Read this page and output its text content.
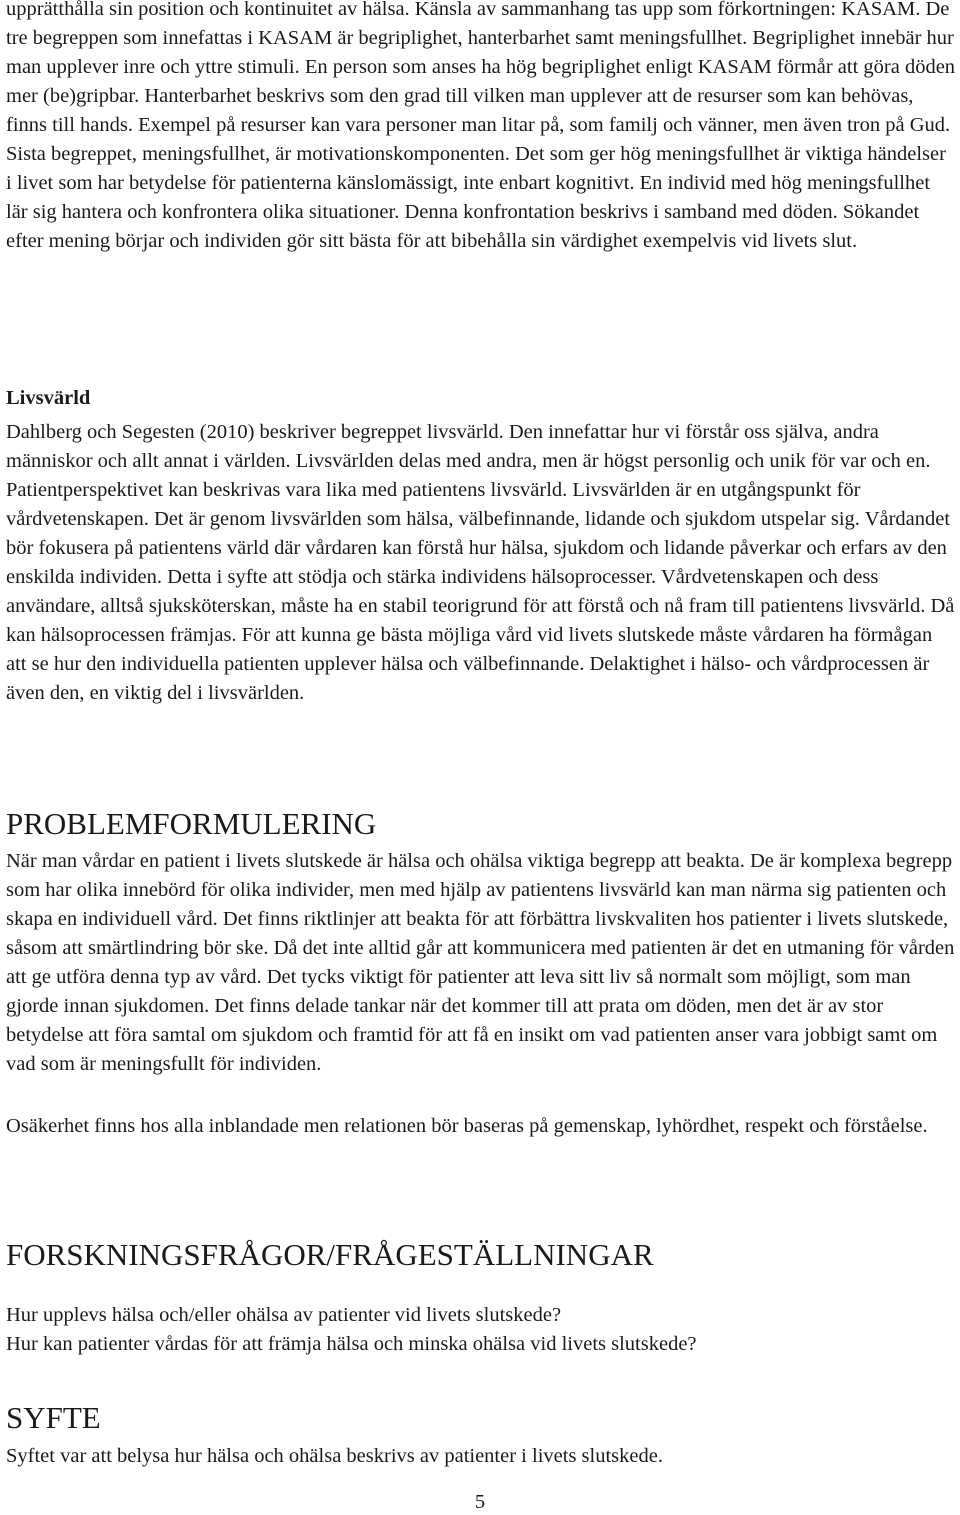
upprätthålla sin position och kontinuitet av hälsa. Känsla av sammanhang tas upp som förkortningen: KASAM. De tre begreppen som innefattas i KASAM är begriplighet, hanterbarhet samt meningsfullhet. Begriplighet innebär hur man upplever inre och yttre stimuli. En person som anses ha hög begriplighet enligt KASAM förmår att göra döden mer (be)gripbar. Hanterbarhet beskrivs som den grad till vilken man upplever att de resurser som kan behövas, finns till hands. Exempel på resurser kan vara personer man litar på, som familj och vänner, men även tron på Gud. Sista begreppet, meningsfullhet, är motivationskomponenten. Det som ger hög meningsfullhet är viktiga händelser i livet som har betydelse för patienterna känslomässigt, inte enbart kognitivt. En individ med hög meningsfullhet lär sig hantera och konfrontera olika situationer. Denna konfrontation beskrivs i samband med döden. Sökandet efter mening börjar och individen gör sitt bästa för att bibehålla sin värdighet exempelvis vid livets slut.

Livsvärld

Dahlberg och Segesten (2010) beskriver begreppet livsvärld. Den innefattar hur vi förstår oss själva, andra människor och allt annat i världen. Livsvärlden delas med andra, men är högst personlig och unik för var och en. Patientperspektivet kan beskrivas vara lika med patientens livsvärld. Livsvärlden är en utgångspunkt för vårdvetenskapen. Det är genom livsvärlden som hälsa, välbefinnande, lidande och sjukdom utspelar sig. Vårdandet bör fokusera på patientens värld där vårdaren kan förstå hur hälsa, sjukdom och lidande påverkar och erfars av den enskilda individen. Detta i syfte att stödja och stärka individens hälsoprocesser. Vårdvetenskapen och dess användare, alltså sjuksköterskan, måste ha en stabil teorigrund för att förstå och nå fram till patientens livsvärld. Då kan hälsoprocessen främjas. För att kunna ge bästa möjliga vård vid livets slutskede måste vårdaren ha förmågan att se hur den individuella patienten upplever hälsa och välbefinnande. Delaktighet i hälso- och vårdprocessen är även den, en viktig del i livsvärlden.

PROBLEMFORMULERING

När man vårdar en patient i livets slutskede är hälsa och ohälsa viktiga begrepp att beakta. De är komplexa begrepp som har olika innebörd för olika individer, men med hjälp av patientens livsvärld kan man närma sig patienten och skapa en individuell vård. Det finns riktlinjer att beakta för att förbättra livskvaliten hos patienter i livets slutskede, såsom att smärtlindring bör ske. Då det inte alltid går att kommunicera med patienten är det en utmaning för vården att ge utföra denna typ av vård. Det tycks viktigt för patienter att leva sitt liv så normalt som möjligt, som man gjorde innan sjukdomen. Det finns delade tankar när det kommer till att prata om döden, men det är av stor betydelse att föra samtal om sjukdom och framtid för att få en insikt om vad patienten anser vara jobbigt samt om vad som är meningsfullt för individen.

Osäkerhet finns hos alla inblandade men relationen bör baseras på gemenskap, lyhördhet, respekt och förståelse.

FORSKNINGSFRÅGOR/FRÅGESTÄLLNINGAR

Hur upplevs hälsa och/eller ohälsa av patienter vid livets slutskede?

Hur kan patienter vårdas för att främja hälsa och minska ohälsa vid livets slutskede?

SYFTE

Syftet var att belysa hur hälsa och ohälsa beskrivs av patienter i livets slutskede.

5
